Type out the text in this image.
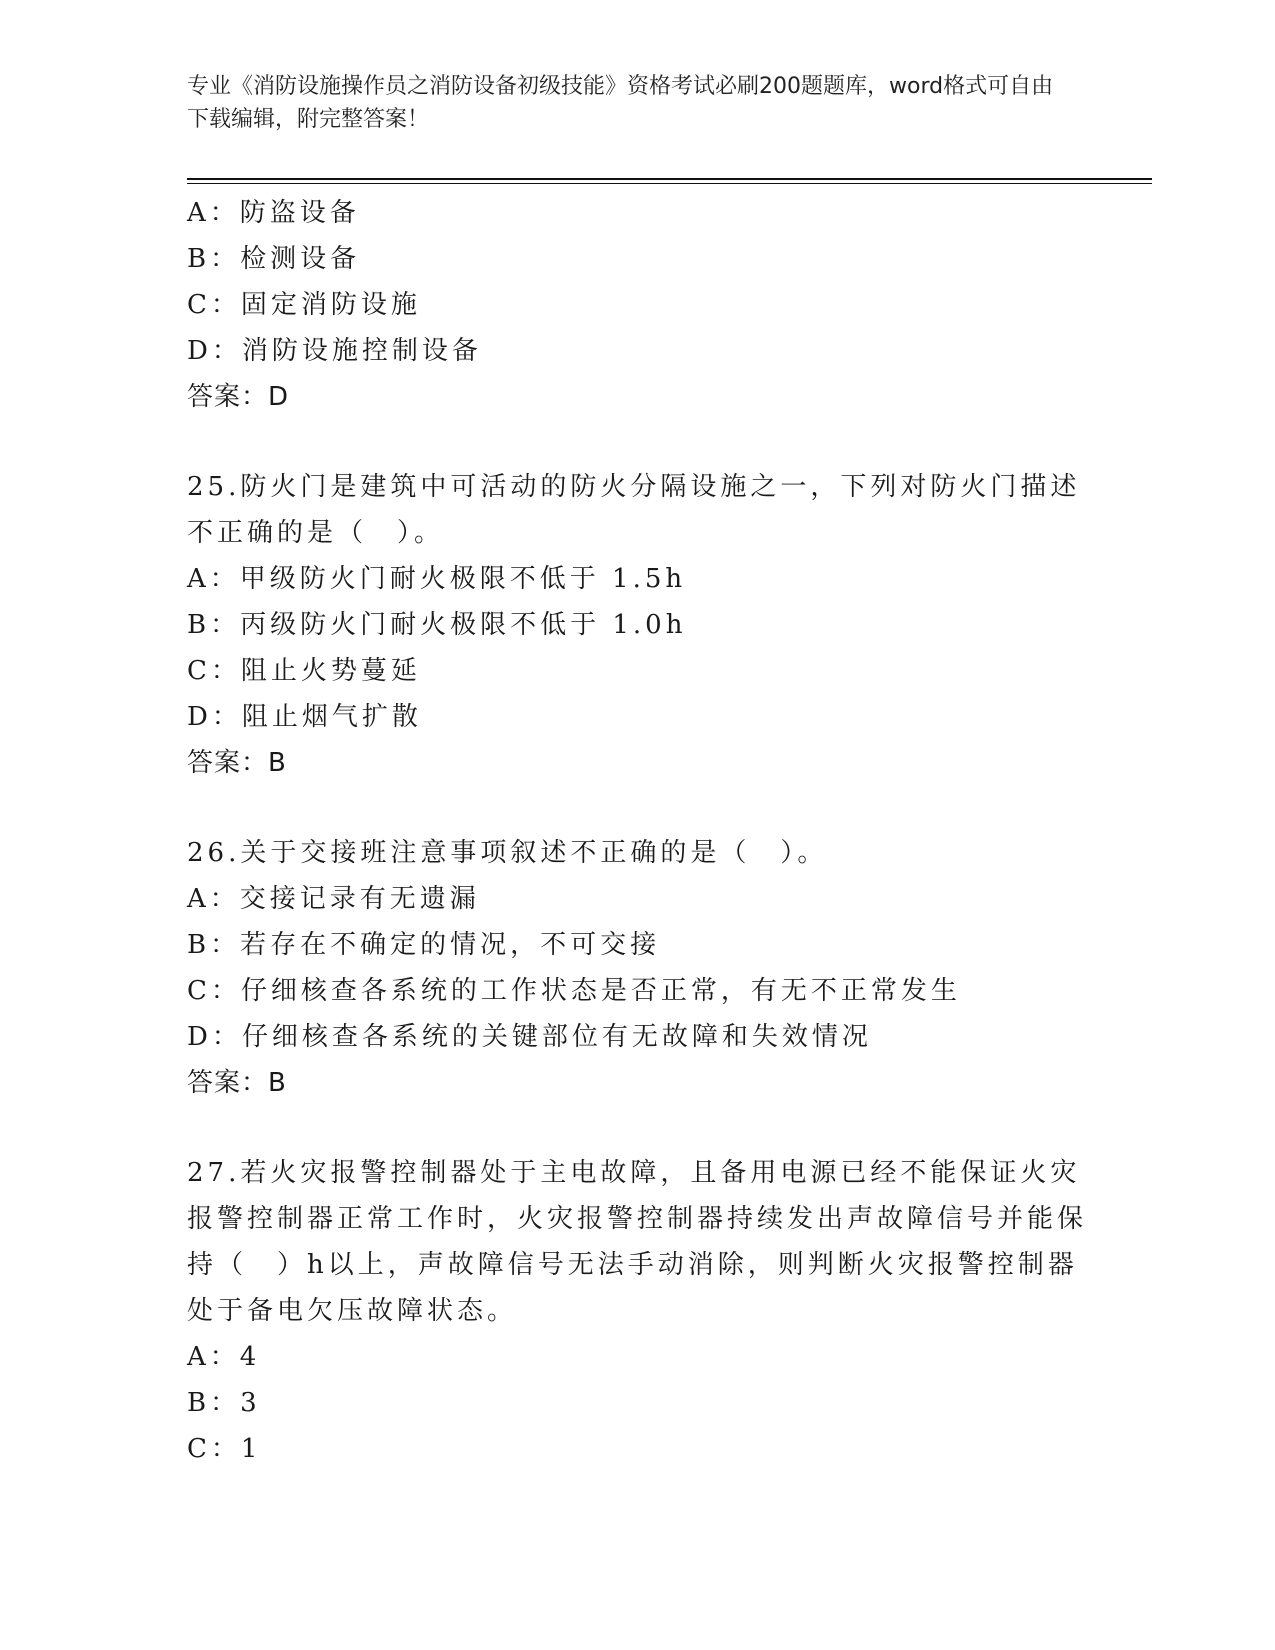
专业《消防设施操作员之消防设备初级技能》资格考试必刷200题题库，word格式可自由下载编辑，附完整答案！
A：防盗设备
B：检测设备
C：固定消防设施
D：消防设施控制设备
答案：D
25.防火门是建筑中可活动的防火分隔设施之一，下列对防火门描述不正确的是（　）。
A：甲级防火门耐火极限不低于 1.5h
B：丙级防火门耐火极限不低于 1.0h
C：阻止火势蔓延
D：阻止烟气扩散
答案：B
26.关于交接班注意事项叙述不正确的是（　）。
A：交接记录有无遗漏
B：若存在不确定的情况，不可交接
C：仔细核查各系统的工作状态是否正常，有无不正常发生
D：仔细核查各系统的关键部位有无故障和失效情况
答案：B
27.若火灾报警控制器处于主电故障，且备用电源已经不能保证火灾报警控制器正常工作时，火灾报警控制器持续发出声故障信号并能保持（　）h以上，声故障信号无法手动消除，则判断火灾报警控制器处于备电欠压故障状态。
A：4
B：3
C：1
